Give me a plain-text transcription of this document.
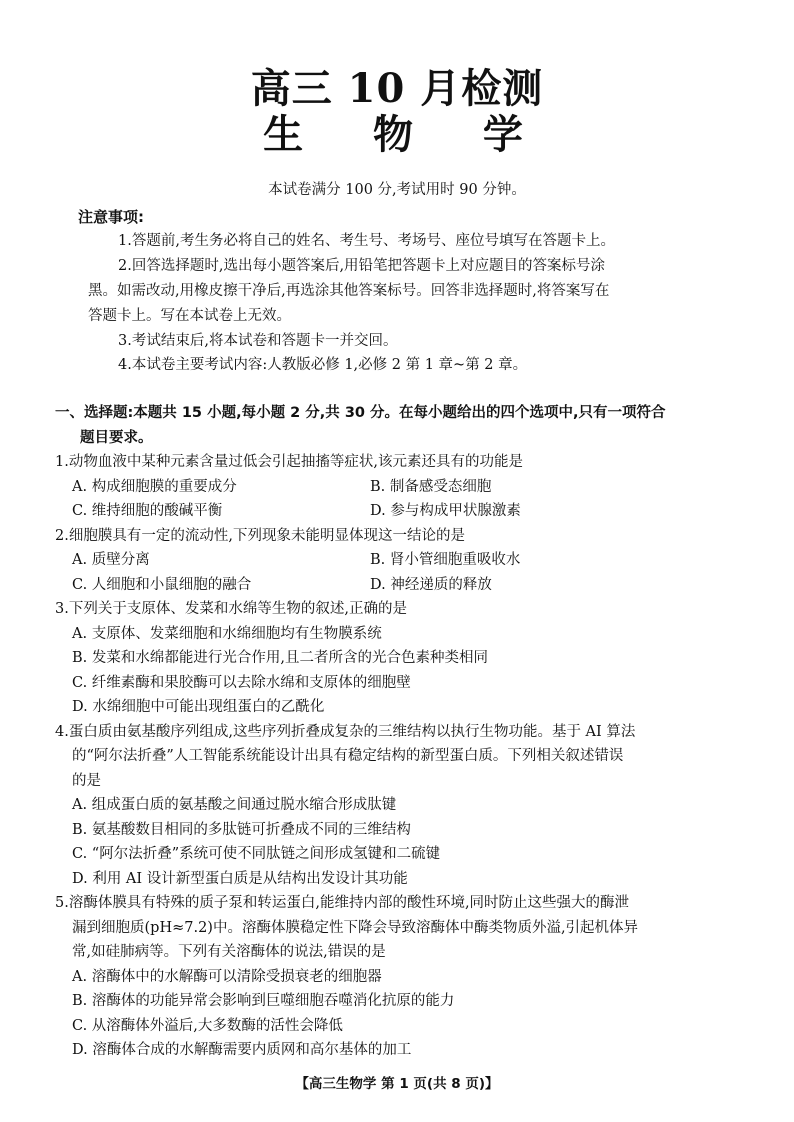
高三 10 月检测
生 物 学
本试卷满分 100 分,考试用时 90 分钟。
注意事项:
1.答题前,考生务必将自己的姓名、考生号、考场号、座位号填写在答题卡上。
2.回答选择题时,选出每小题答案后,用铅笔把答题卡上对应题目的答案标号涂
黑。如需改动,用橡皮擦干净后,再选涂其他答案标号。回答非选择题时,将答案写在
答题卡上。写在本试卷上无效。
3.考试结束后,将本试卷和答题卡一并交回。
4.本试卷主要考试内容:人教版必修 1,必修 2 第 1 章~第 2 章。
一、选择题:本题共 15 小题,每小题 2 分,共 30 分。在每小题给出的四个选项中,只有一项符合
题目要求。
1.动物血液中某种元素含量过低会引起抽搐等症状,该元素还具有的功能是
A. 构成细胞膜的重要成分	B. 制备感受态细胞
C. 维持细胞的酸碱平衡	D. 参与构成甲状腺激素
2.细胞膜具有一定的流动性,下列现象未能明显体现这一结论的是
A. 质壁分离	B. 肾小管细胞重吸收水
C. 人细胞和小鼠细胞的融合	D. 神经递质的释放
3.下列关于支原体、发菜和水绵等生物的叙述,正确的是
A. 支原体、发菜细胞和水绵细胞均有生物膜系统
B. 发菜和水绵都能进行光合作用,且二者所含的光合色素种类相同
C. 纤维素酶和果胶酶可以去除水绵和支原体的细胞壁
D. 水绵细胞中可能出现组蛋白的乙酰化
4.蛋白质由氨基酸序列组成,这些序列折叠成复杂的三维结构以执行生物功能。基于 AI 算法
的“阿尔法折叠”人工智能系统能设计出具有稳定结构的新型蛋白质。下列相关叙述错误
的是
A. 组成蛋白质的氨基酸之间通过脱水缩合形成肽键
B. 氨基酸数目相同的多肽链可折叠成不同的三维结构
C. “阿尔法折叠”系统可使不同肽链之间形成氢键和二硫键
D. 利用 AI 设计新型蛋白质是从结构出发设计其功能
5.溶酶体膜具有特殊的质子泵和转运蛋白,能维持内部的酸性环境,同时防止这些强大的酶泄
漏到细胞质(pH≈7.2)中。溶酶体膜稳定性下降会导致溶酶体中酶类物质外溢,引起机体异
常,如硅肺病等。下列有关溶酶体的说法,错误的是
A. 溶酶体中的水解酶可以清除受损衰老的细胞器
B. 溶酶体的功能异常会影响到巨噬细胞吞噬消化抗原的能力
C. 从溶酶体外溢后,大多数酶的活性会降低
D. 溶酶体合成的水解酶需要内质网和高尔基体的加工
【高三生物学 第 1 页(共 8 页)】
